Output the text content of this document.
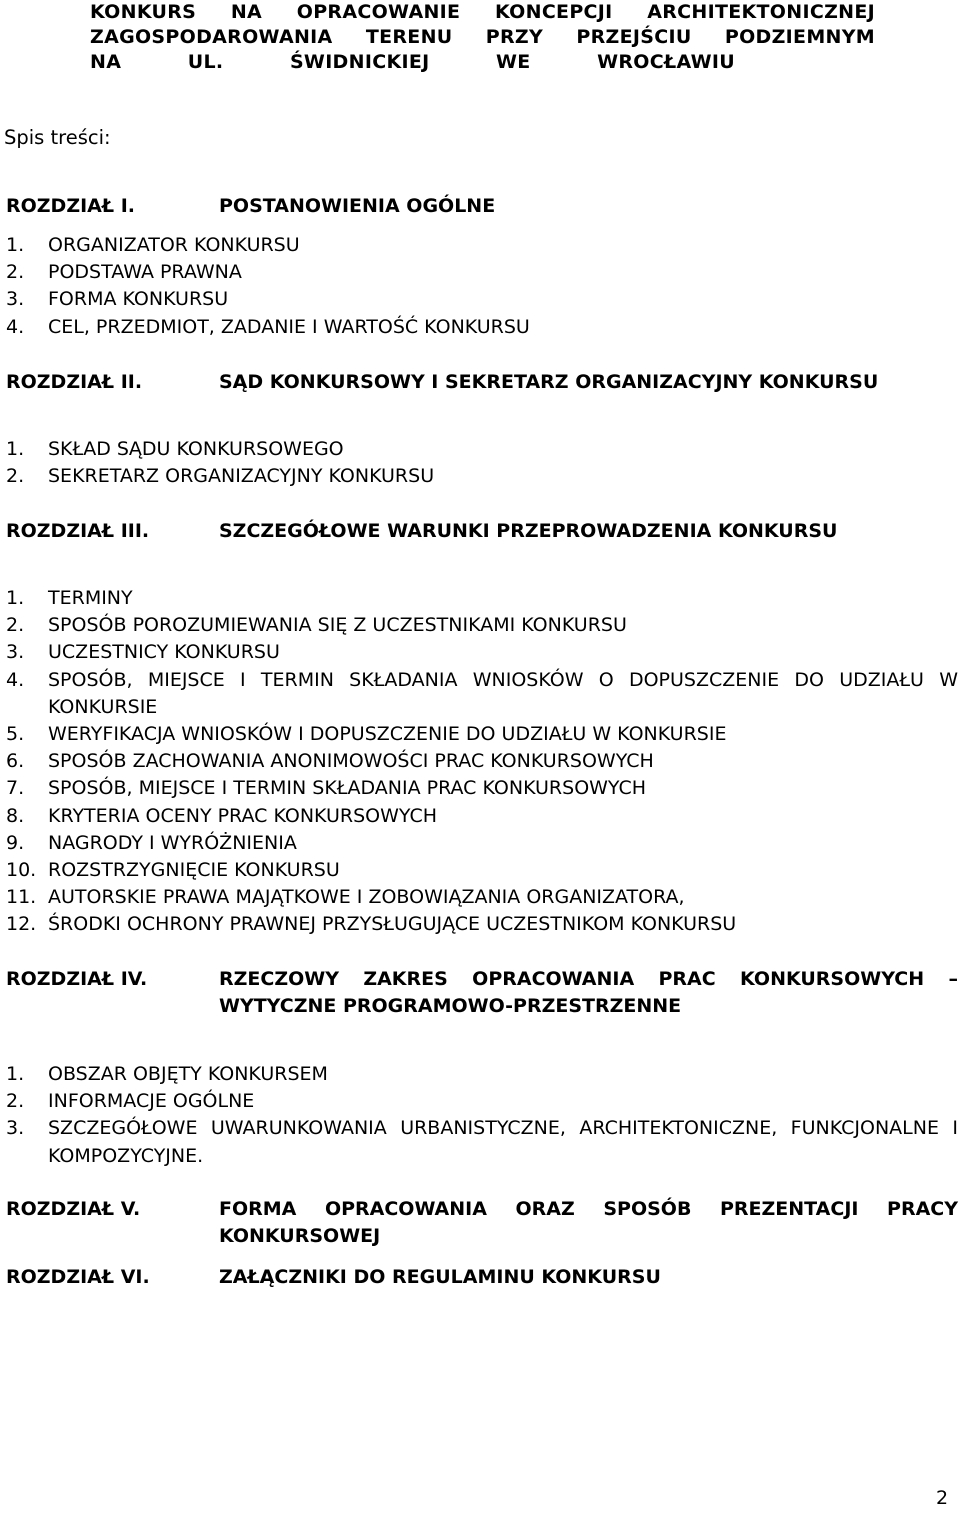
KONKURS NA OPRACOWANIE KONCEPCJI ARCHITEKTONICZNEJ
ZAGOSPODAROWANIA TERENU PRZY PRZEJŚCIU PODZIEMNYM
NA UL. ŚWIDNICKIEJ WE WROCŁAWIU
Spis treści:
ROZDZIAŁ I.	POSTANOWIENIA OGÓLNE
1. ORGANIZATOR KONKURSU
2. PODSTAWA PRAWNA
3. FORMA KONKURSU
4. CEL, PRZEDMIOT, ZADANIE I WARTOŚĆ KONKURSU
ROZDZIAŁ II.	SĄD KONKURSOWY I SEKRETARZ ORGANIZACYJNY KONKURSU
1. SKŁAD SĄDU KONKURSOWEGO
2. SEKRETARZ ORGANIZACYJNY KONKURSU
ROZDZIAŁ III.	SZCZEGÓŁOWE WARUNKI PRZEPROWADZENIA KONKURSU
1. TERMINY
2. SPOSÓB POROZUMIEWANIA SIĘ Z UCZESTNIKAMI KONKURSU
3. UCZESTNICY KONKURSU
4. SPOSÓB, MIEJSCE I TERMIN SKŁADANIA WNIOSKÓW O DOPUSZCZENIE DO UDZIAŁU W KONKURSIE
5. WERYFIKACJA WNIOSKÓW I DOPUSZCZENIE DO UDZIAŁU W KONKURSIE
6. SPOSÓB ZACHOWANIA ANONIMOWOŚCI PRAC KONKURSOWYCH
7. SPOSÓB, MIEJSCE I TERMIN SKŁADANIA PRAC KONKURSOWYCH
8. KRYTERIA OCENY PRAC KONKURSOWYCH
9. NAGRODY I WYRÓŻNIENIA
10. ROZSTRZYGNIĘCIE KONKURSU
11. AUTORSKIE PRAWA MAJĄTKOWE I ZOBOWIĄZANIA ORGANIZATORA,
12. ŚRODKI OCHRONY PRAWNEJ PRZYSŁUGUJĄCE UCZESTNIKOM KONKURSU
ROZDZIAŁ IV.	RZECZOWY ZAKRES OPRACOWANIA PRAC KONKURSOWYCH – WYTYCZNE PROGRAMOWO-PRZESTRZENNE
1. OBSZAR OBJĘTY KONKURSEM
2. INFORMACJE OGÓLNE
3. SZCZEGÓŁOWE UWARUNKOWANIA URBANISTYCZNE, ARCHITEKTONICZNE, FUNKCJONALNE I KOMPOZYCYJNE.
ROZDZIAŁ V.	FORMA OPRACOWANIA ORAZ SPOSÓB PREZENTACJI PRACY KONKURSOWEJ
ROZDZIAŁ VI.	ZAŁĄCZNIKI DO REGULAMINU KONKURSU
2
